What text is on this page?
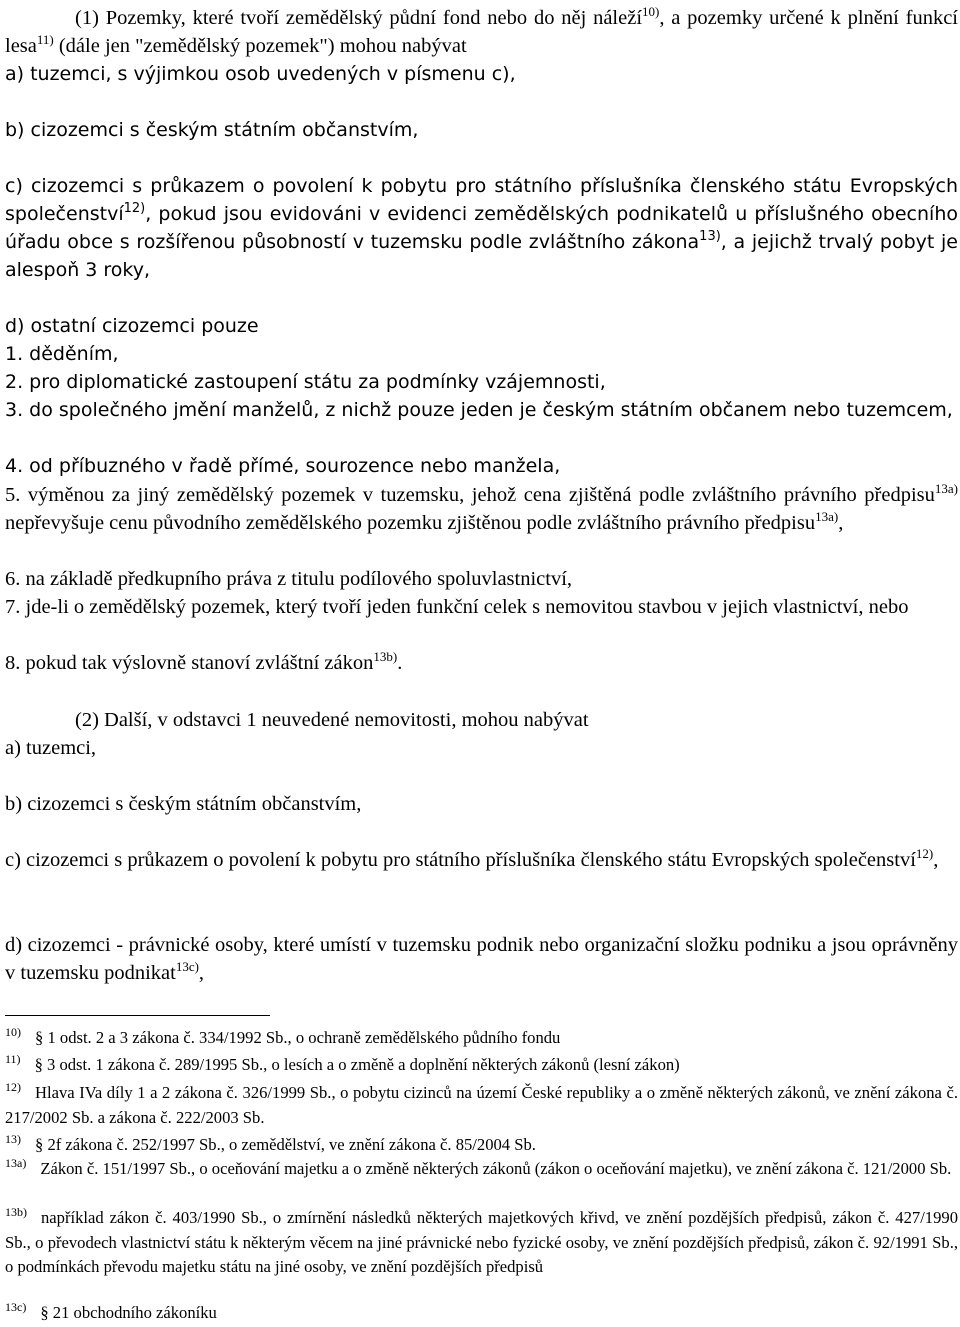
(1) Pozemky, které tvoří zemědělský půdní fond nebo do něj náleží$^{10)}$, a pozemky určené k plnění funkcí lesa$^{11)}$ (dále jen "zemědělský pozemek") mohou nabývat

a) tuzemci, s výjimkou osob uvedených v písmenu c),

b) cizozemci s českým státním občanstvím,

c) cizozemci s průkazem o povolení k pobytu pro státního příslušníka členského státu Evropských společenství$^{12)}$, pokud jsou evidováni v evidenci zemědělských podnikatelů u příslušného obecního úřadu obce s rozšířenou působností v tuzemsku podle zvláštního zákona$^{13)}$, a jejichž trvalý pobyt je alespoň 3 roky,

d) ostatní cizozemci pouze

1. děděním,

2. pro diplomatické zastoupení státu za podmínky vzájemnosti,

3. do společného jmění manželů, z nichž pouze jeden je českým státním občanem nebo tuzemcem,

4. od příbuzného v řadě přímé, sourozence nebo manžela,

5. výměnou za jiný zemědělský pozemek v tuzemsku, jehož cena zjištěná podle zvláštního právního předpisu$^{13a)}$ nepřevyšuje cenu původního zemědělského pozemku zjištěnou podle zvláštního právního předpisu$^{13a)}$,

6. na základě předkupního práva z titulu podílového spoluvlastnictví,

7. jde-li o zemědělský pozemek, který tvoří jeden funkční celek s nemovitou stavbou v jejich vlastnictví, nebo

8. pokud tak výslovně stanoví zvláštní zákon$^{13b)}$.

(2) Další, v odstavci 1 neuvedené nemovitosti, mohou nabývat

a) tuzemci,

b) cizozemci s českým státním občanstvím,

c) cizozemci s průkazem o povolení k pobytu pro státního příslušníka členského státu Evropských společenství$^{12)}$,

d) cizozemci - právnické osoby, které umístí v tuzemsku podnik nebo organizační složku podniku a jsou oprávněny v tuzemsku podnikat$^{13c)}$,

$^{10)}$ § 1 odst. 2 a 3 zákona č. 334/1992 Sb., o ochraně zemědělského půdního fondu

$^{11)}$ § 3 odst. 1 zákona č. 289/1995 Sb., o lesích a o změně a doplnění některých zákonů (lesní zákon)

$^{12)}$ Hlava IVa díly 1 a 2 zákona č. 326/1999 Sb., o pobytu cizinců na území České republiky a o změně některých zákonů, ve znění zákona č. 217/2002 Sb. a zákona č. 222/2003 Sb.

$^{13)}$ § 2f zákona č. 252/1997 Sb., o zemědělství, ve znění zákona č. 85/2004 Sb.

$^{13a)}$ Zákon č. 151/1997 Sb., o oceňování majetku a o změně některých zákonů (zákon o oceňování majetku), ve znění zákona č. 121/2000 Sb.

$^{13b)}$ například zákon č. 403/1990 Sb., o zmírnění následků některých majetkových křivd, ve znění pozdějších předpisů, zákon č. 427/1990 Sb., o převodech vlastnictví státu k některým věcem na jiné právnické nebo fyzické osoby, ve znění pozdějších předpisů, zákon č. 92/1991 Sb., o podmínkách převodu majetku státu na jiné osoby, ve znění pozdějších předpisů

$^{13c)}$ § 21 obchodního zákoníku
